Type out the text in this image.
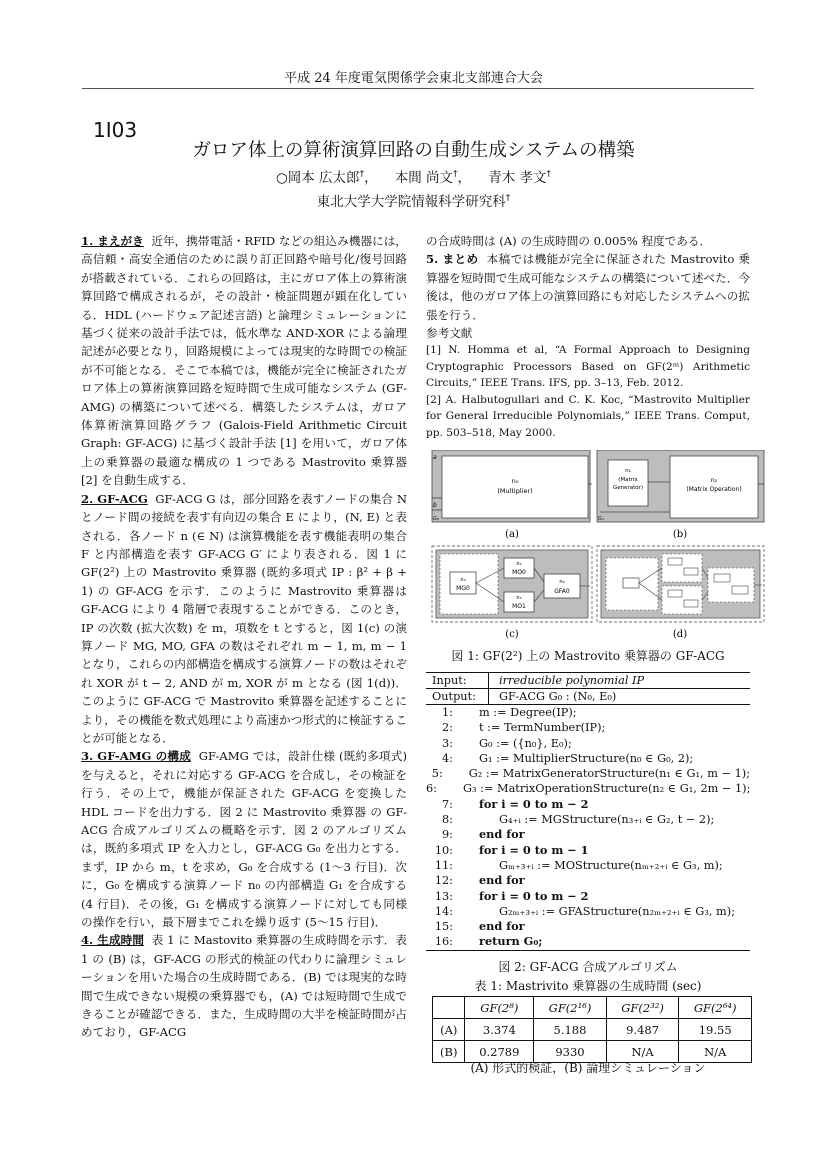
平成 24 年度電気関係学会東北支部連合大会
1I03
ガロア体上の算術演算回路の自動生成システムの構築
○岡本 広太郎†，    本間 尚文†，    青木 孝文†
東北大学大学院情報科学研究科†

1. まえがき 近年，携帯電話・RFID などの組込み機器には，高信頼・高安全通信のために誤り訂正回路や暗号化/復号回路が搭載されている．これらの回路は，主にガロア体上の算術演算回路で構成されるが，その設計・検証問題が顕在化している．HDL (ハードウェア記述言語) と論理シミュレーションに基づく従来の設計手法では，低水準な AND-XOR による論理記述が必要となり，回路規模によっては現実的な時間での検証が不可能となる．そこで本稿では，機能が完全に検証されたガロア体上の算術演算回路を短時間で生成可能なシステム (GF-AMG) の構築について述べる．構築したシステムは，ガロア体算術演算回路グラフ (Galois-Field Arithmetic Circuit Graph: GF-ACG) に基づく設計手法 [1] を用いて，ガロア体上の乗算器の最適な構成の 1 つである Mastrovito 乗算器 [2] を自動生成する．

2. GF-ACG GF-ACG G は，部分回路を表すノードの集合 N とノード間の接続を表す有向辺の集合 E により，(N, E) と表される．各ノード n (∈ N) は演算機能を表す機能表明の集合 F と内部構造を表す GF-ACG G′ により表される．図 1 に GF(2²) 上の Mastrovito 乗算器 (既約多項式 IP : β² + β + 1) の GF-ACG を示す．このように Mastrovito 乗算器は GF-ACG により 4 階層で表現することができる．このとき，IP の次数 (拡大次数) を m，項数を t とすると，図 1(c) の演算ノード MG, MO, GFA の数はそれぞれ m − 1, m, m − 1 となり，これらの内部構造を構成する演算ノードの数はそれぞれ XOR が t − 2, AND が m, XOR が m となる (図 1(d))．このように GF-ACG で Mastrovito 乗算器を記述することにより，その機能を数式処理により高速かつ形式的に検証することが可能となる．

3. GF-AMG の構成 GF-AMG では，設計仕様 (既約多項式) を与えると，それに対応する GF-ACG を合成し，その検証を行う．その上で，機能が保証された GF-ACG を変換した HDL コードを出力する．図 2 に Mastrovito 乗算器 の GF-ACG 合成アルゴリズムの概略を示す．図 2 のアルゴリズムは，既約多項式 IP を入力とし，GF-ACG G₀ を出力とする．まず，IP から m，t を求め，G₀ を合成する (1〜3 行目)．次に，G₀ を構成する演算ノード n₀ の内部構造 G₁ を合成する (4 行目)．その後，G₁ を構成する演算ノードに対しても同様の操作を行い，最下層までこれを繰り返す (5〜15 行目)．

4. 生成時間 表 1 に Mastovito 乗算器の生成時間を示す．表 1 の (B) は，GF-ACG の形式的検証の代わりに論理シミュレーションを用いた場合の生成時間である．(B) では現実的な時間で生成できない規模の乗算器でも，(A) では短時間で生成できることが確認できる．また，生成時間の大半を検証時間が占めており，GF-ACG

の合成時間は (A) の生成時間の 0.005% 程度である．

5. まとめ 本稿では機能が完全に保証された Mastrovito 乗算器を短時間で生成可能なシステムの構築について述べた．今後は，他のガロア体上の演算回路にも対応したシステムへの拡張を行う．

参考文献

[1] N. Homma et al, “A Formal Approach to Designing Cryptographic Processors Based on GF(2ᵐ) Arithmetic Circuits,” IEEE Trans. IFS, pp. 3–13, Feb. 2012.

[2] A. Halbutogullari and C. K. Koc, “Mastrovito Multiplier for General Irreducible Polynomials,” IEEE Trans. Comput, pp. 503–518, May 2000.

n₀
(Multiplier)
a
b
G₀
(a)
n₁
(Matrix
Generator)
n₂
(Matrix Operation)
G₁
(b)
n₃
MG0
n₄
MO0
n₅
MO1
n₆
GFA0
(c)	(d)
図 1: GF(2²) 上の Mastrovito 乗算器の GF-ACG
Input:	irreducible polynomial IP
Output:	GF-ACG G₀ : (N₀, E₀)
1:	m := Degree(IP);
2:	t := TermNumber(IP);
3:	G₀ := ({n₀}, E₀);
4:	G₁ := MultiplierStructure(n₀ ∈ G₀, 2);
5:	G₂ := MatrixGeneratorStructure(n₁ ∈ G₁, m − 1);
6:	G₃ := MatrixOperationStructure(n₂ ∈ G₁, 2m − 1);
7:	for i = 0 to m − 2
8:	G₄₊ᵢ := MGStructure(n₃₊ᵢ ∈ G₂, t − 2);
9:	end for
10:	for i = 0 to m − 1
11:	Gₘ₊₃₊ᵢ := MOStructure(nₘ₊₂₊ᵢ ∈ G₃, m);
12:	end for
13:	for i = 0 to m − 2
14:	G₂ₘ₊₃₊ᵢ := GFAStructure(n₂ₘ₊₂₊ᵢ ∈ G₃, m);
15:	end for
16:	return G₀;
図 2: GF-ACG 合成アルゴリズム
表 1: Mastrivito 乗算器の生成時間 (sec)
	GF(2⁸)	GF(2¹⁶)	GF(2³²)	GF(2⁶⁴)
(A)	3.374	5.188	9.487	19.55
(B)	0.2789	9330	N/A	N/A
(A) 形式的検証，(B) 論理シミュレーション
